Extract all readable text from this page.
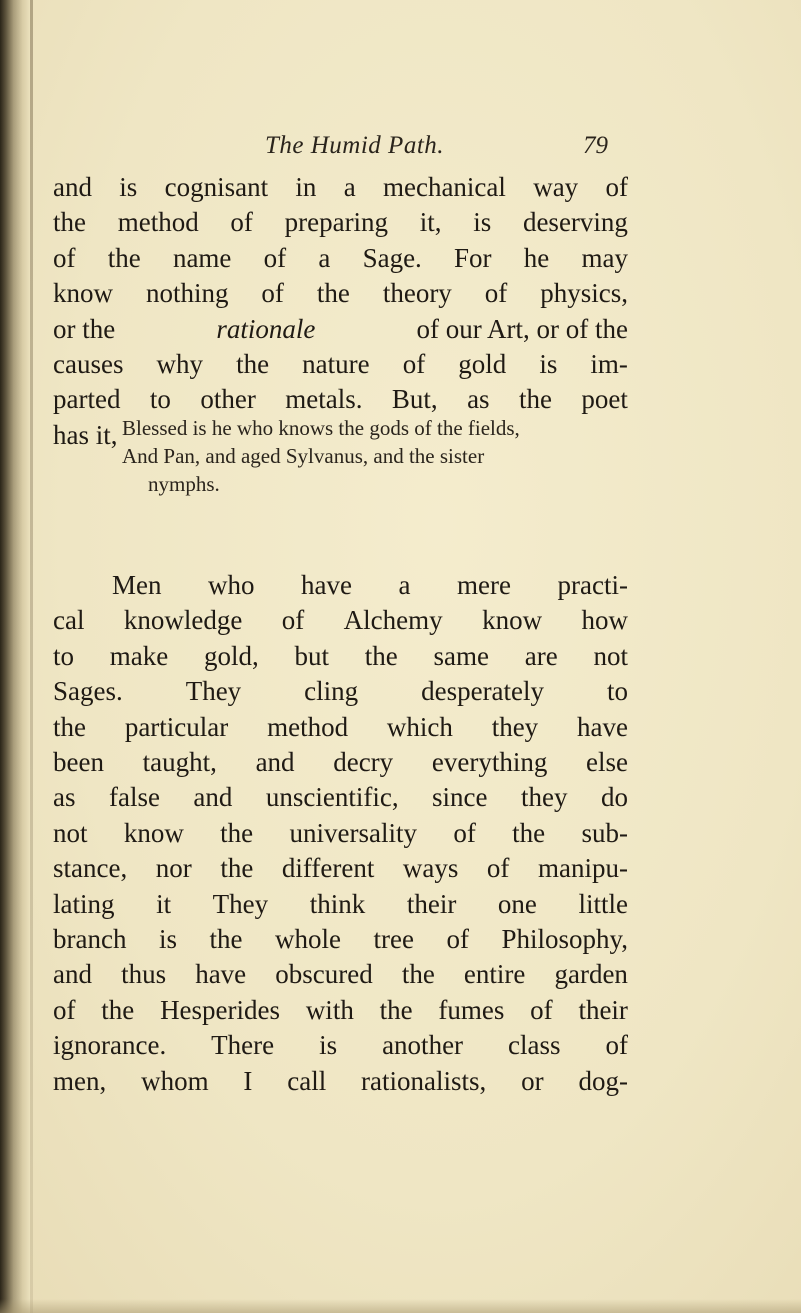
The Humid Path.	79
and is cognisant in a mechanical way of
the method of preparing it, is deserving
of the name of a Sage. For he may
know nothing of the theory of physics,
or the	rationale	of our Art, or of the
causes why the nature of gold is im-
parted to other metals. But, as the poet
has it, Blessed is he who knows the gods of the fields,
And Pan, and aged Sylvanus, and the sister
nymphs.
Men who have a mere practi-
cal knowledge of Alchemy know how
to make gold, but the same are not
Sages. They cling desperately to
the particular method which they have
been taught, and decry everything else
as false and unscientific, since they do
not know the universality of the sub-
stance, nor the different ways of manipu-
lating it They think their one little
branch is the whole tree of Philosophy,
and thus have obscured the entire garden
of the Hesperides with the fumes of their
ignorance. There is another class of
men, whom I call rationalists, or dog-
